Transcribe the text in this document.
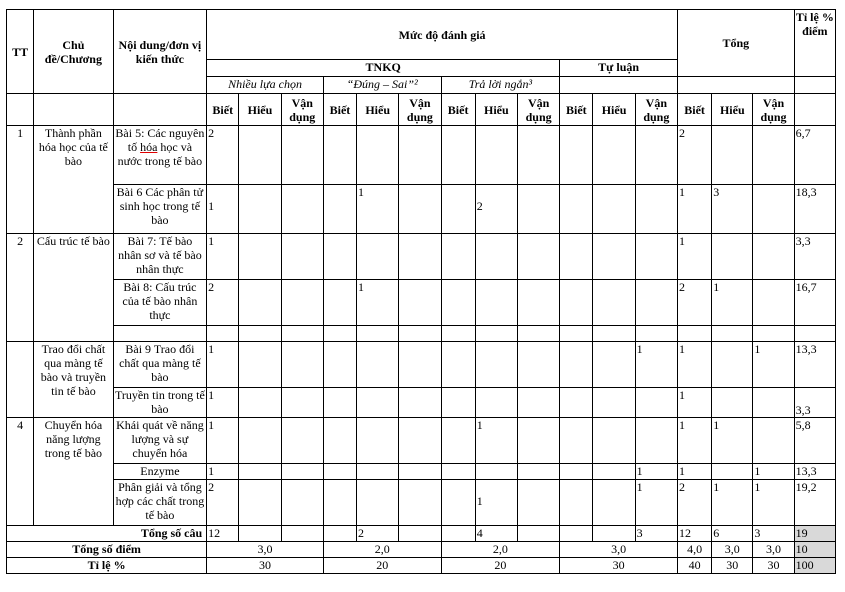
TT	Chủ đề/Chương	Nội dung/đơn vị kiến thức	Mức độ đánh giá												Tổng			Tỉ lệ % điểm
			TNKQ									Tự luận						
			Nhiều lựa chọn			“Đúng – Sai”²			Trả lời ngắn³									
			Biết	Hiểu	Vận dụng	Biết	Hiểu	Vận dụng	Biết	Hiểu	Vận dụng	Biết	Hiểu	Vận dụng	Biết	Hiểu	Vận dụng	
1	Thành phần hóa học của tế bào	Bài 5: Các nguyên tố hóa học và nước trong tế bào	2												2			6,7
		Bài 6 Các phân tử sinh học trong tế bào	1				1			2					1	3		18,3
2	Cấu trúc tế bào	Bài 7: Tế bào nhân sơ và tế bào nhân thực	1												1			3,3
		Bài 8: Cấu trúc của tế bào nhân thực	2				1								2	1		16,7

	Trao đổi chất qua màng tế bào và truyền tin tế bào	Bài 9 Trao đổi chất qua màng tế bào	1											1	1		1	13,3
		Truyền tin trong tế bào	1												1			3,3
4	Chuyển hóa năng lượng trong tế bào	Khái quát về năng lượng và sự chuyển hóa	1							1					1	1		5,8
		Enzyme	1											1	1		1	13,3
		Phân giải và tổng hợp các chất trong tế bào	2							1				1	2	1	1	19,2
Tổng số câu			12				2			4				3	12	6	3	19
Tổng số điểm			3,0			2,0			2,0			3,0			4,0	3,0	3,0	10
Tỉ lệ %			30			20			20			30			40	30	30	100
